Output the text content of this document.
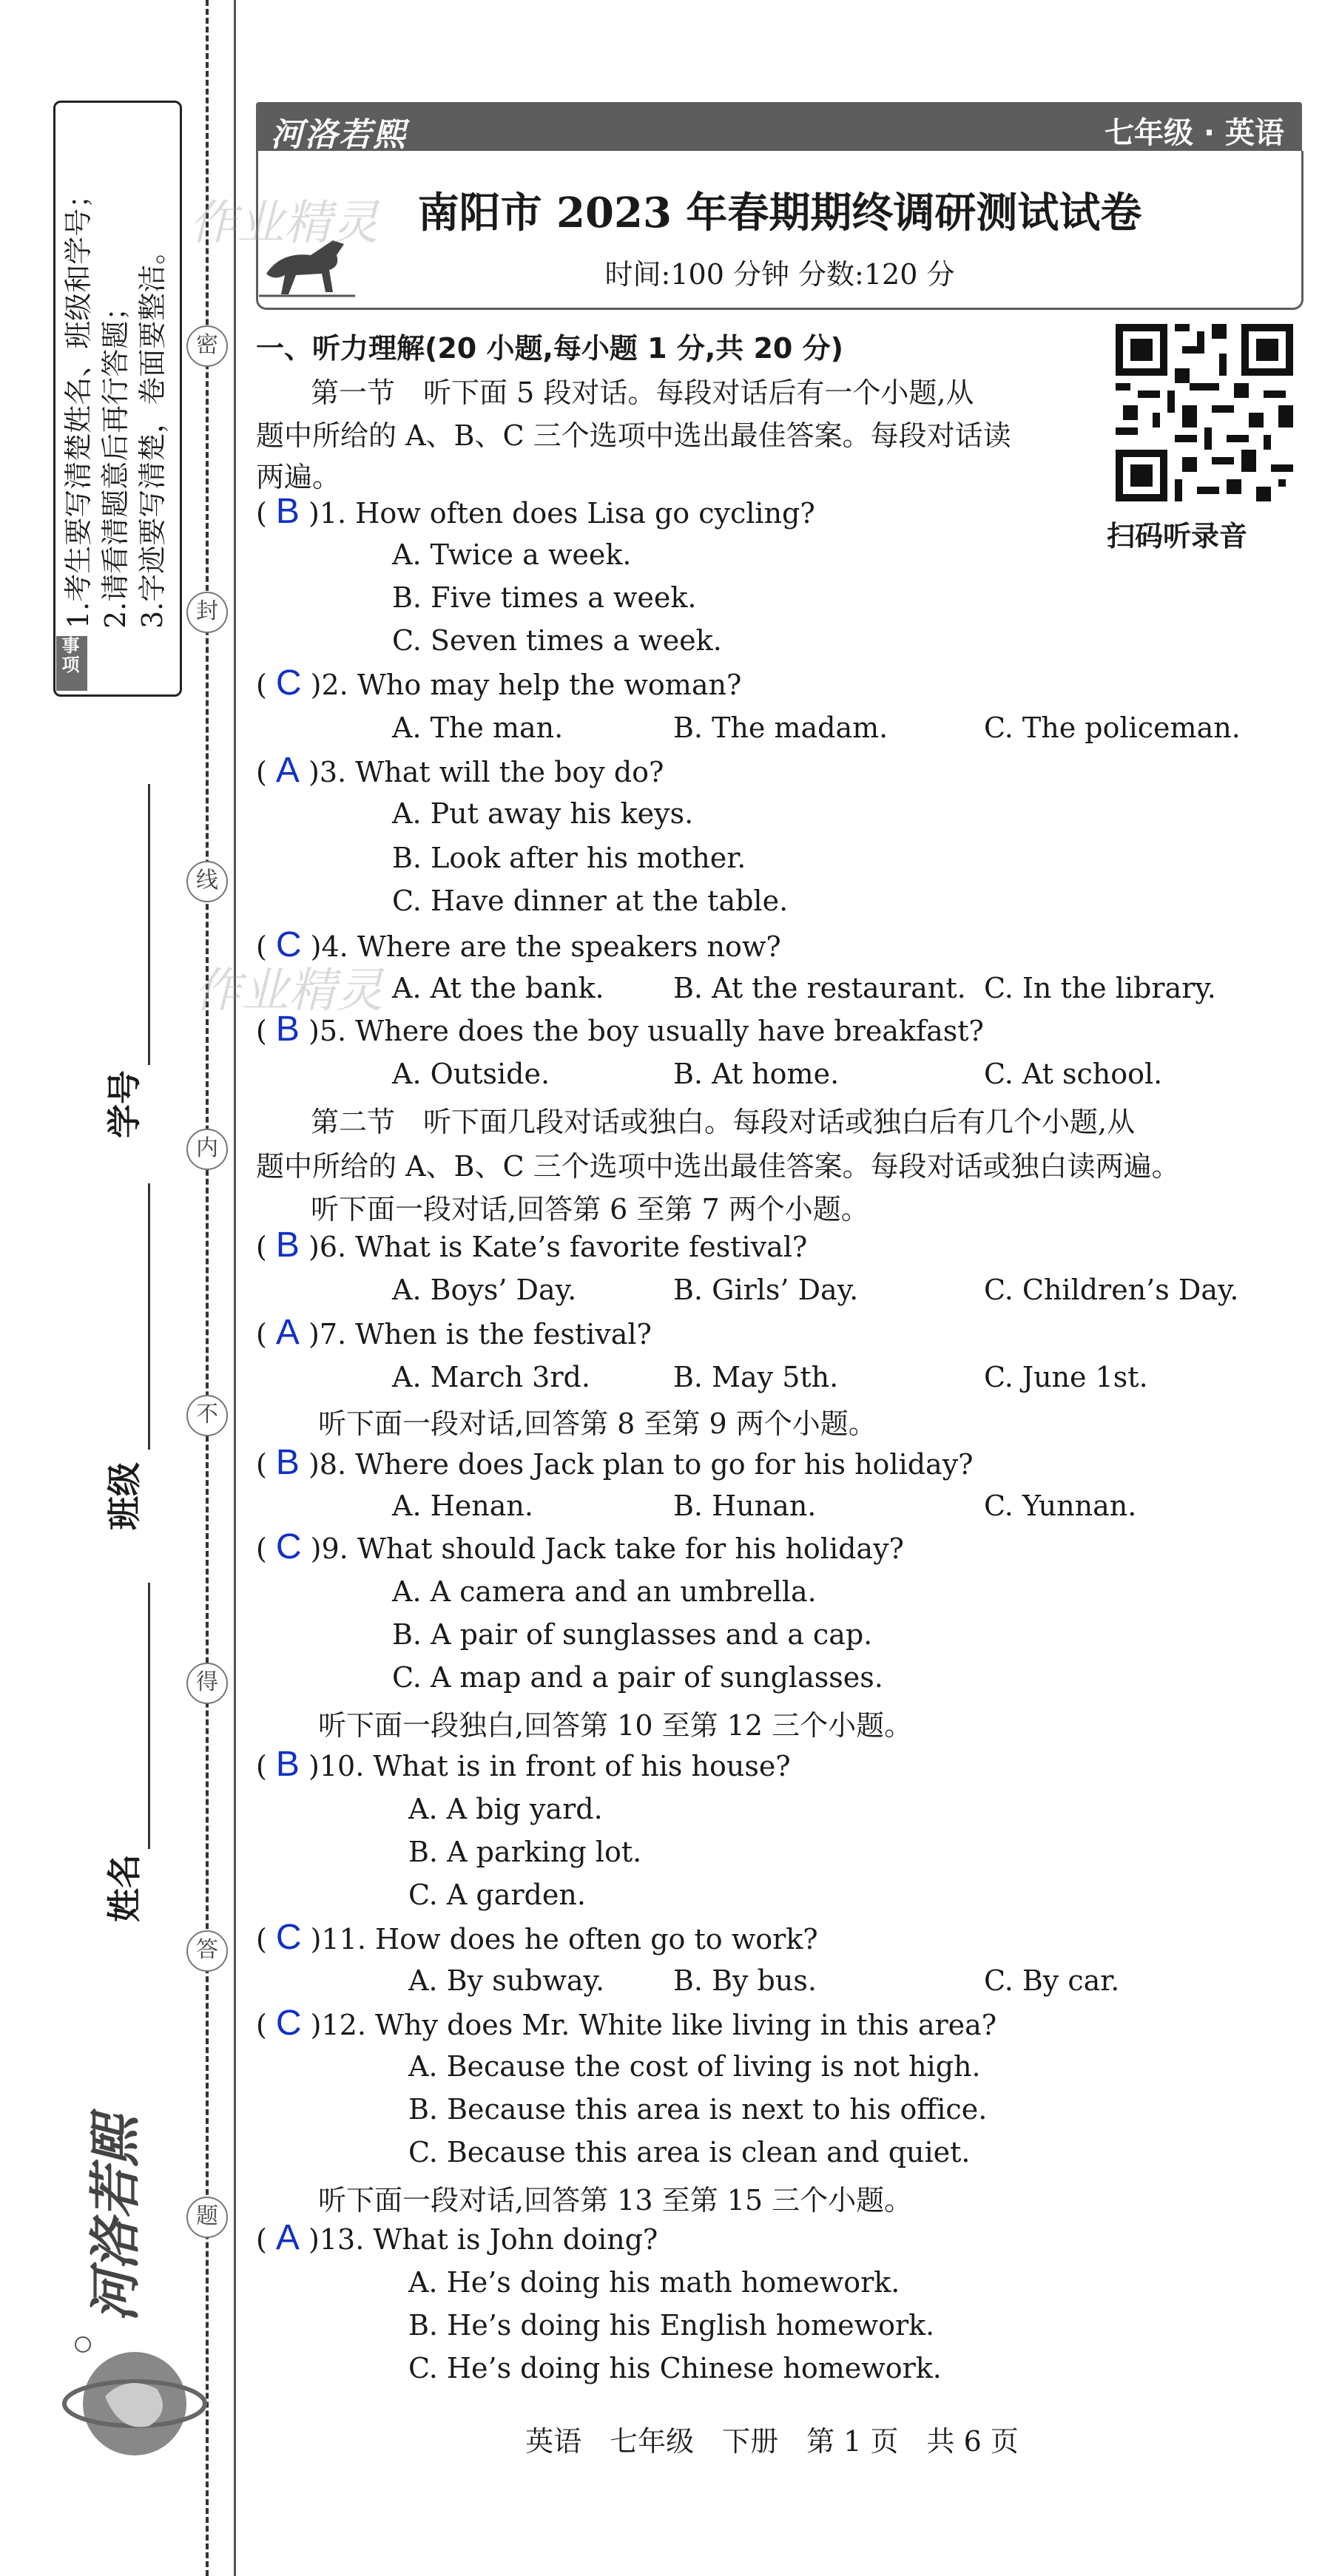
注意事项
1.考生要写清楚姓名、班级和学号； 2.请看清题意后再行答题； 3.字迹要写清楚，卷面要整洁。	密
封
线
内
不
得
答
题
学号
班级
姓名
河洛若熙
河洛若熙	七年级 · 英语
南阳市 2023 年春期期终调研测试试卷
时间:100 分钟 分数:120 分
作业精灵
作业精灵
扫码听录音
一、听力理解(20 小题,每小题 1 分,共 20 分)
第一节　听下面 5 段对话。每段对话后有一个小题,从
题中所给的 A、B、C 三个选项中选出最佳答案。每段对话读
两遍。
( B )1. How often does Lisa go cycling?
A. Twice a week.
B. Five times a week.
C. Seven times a week.
( C )2. Who may help the woman?
A. The man.	B. The madam.	C. The policeman.
( A )3. What will the boy do?
A. Put away his keys.
B. Look after his mother.
C. Have dinner at the table.
( C )4. Where are the speakers now?
A. At the bank. B. At the restaurant. C. In the library.
( B )5. Where does the boy usually have breakfast?
A. Outside.	B. At home.	C. At school.
第二节　听下面几段对话或独白。每段对话或独白后有几个小题,从
题中所给的 A、B、C 三个选项中选出最佳答案。每段对话或独白读两遍。
听下面一段对话,回答第 6 至第 7 两个小题。
( B )6. What is Kate’s favorite festival?
A. Boys’ Day.	B. Girls’ Day.	C. Children’s Day.
( A )7. When is the festival?
A. March 3rd.	B. May 5th.	C. June 1st.
听下面一段对话,回答第 8 至第 9 两个小题。
( B )8. Where does Jack plan to go for his holiday?
A. Henan.	B. Hunan.	C. Yunnan.
( C )9. What should Jack take for his holiday?
A. A camera and an umbrella.
B. A pair of sunglasses and a cap.
C. A map and a pair of sunglasses.
听下面一段独白,回答第 10 至第 12 三个小题。
( B )10. What is in front of his house?
A. A big yard.
B. A parking lot.
C. A garden.
( C )11. How does he often go to work?
A. By subway. B. By bus.	C. By car.
( C )12. Why does Mr. White like living in this area?
A. Because the cost of living is not high.
B. Because this area is next to his office.
C. Because this area is clean and quiet.
听下面一段对话,回答第 13 至第 15 三个小题。
( A )13. What is John doing?
A. He’s doing his math homework.
B. He’s doing his English homework.
C. He’s doing his Chinese homework.
英语　七年级　下册　第 1 页　共 6 页
